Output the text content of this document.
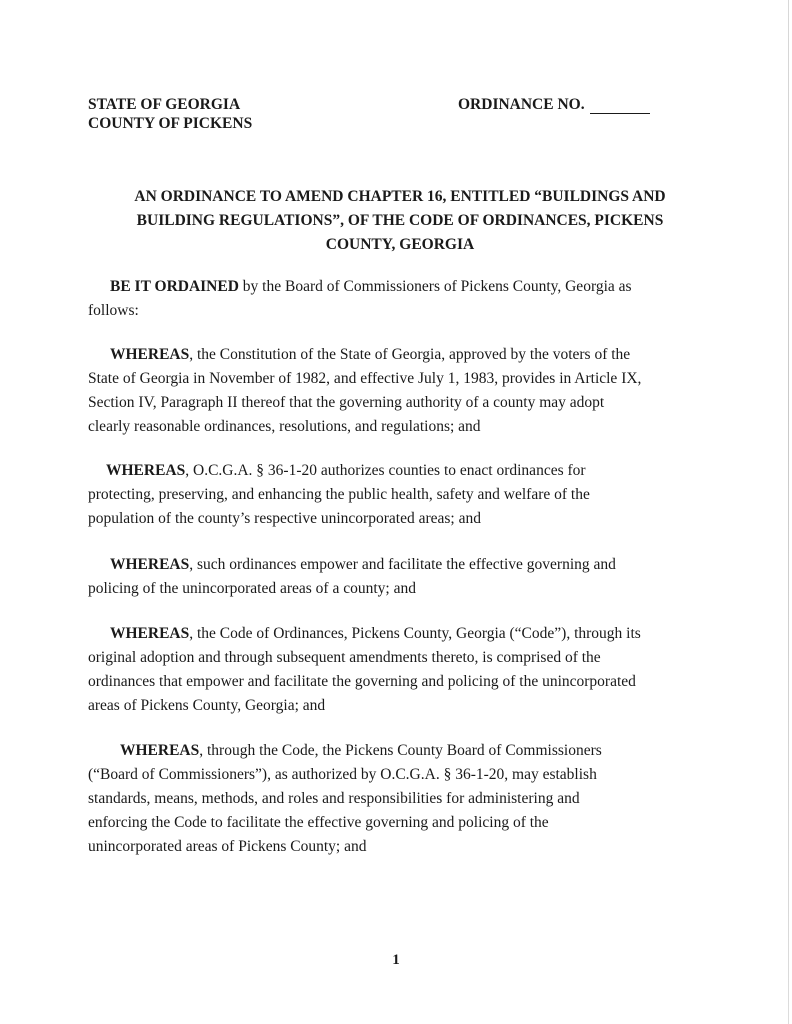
STATE OF GEORGIA
COUNTY OF PICKENS
ORDINANCE NO.
AN ORDINANCE TO AMEND CHAPTER 16, ENTITLED “BUILDINGS AND
BUILDING REGULATIONS”, OF THE CODE OF ORDINANCES, PICKENS
COUNTY, GEORGIA
BE IT ORDAINED by the Board of Commissioners of Pickens County, Georgia as
follows:
WHEREAS, the Constitution of the State of Georgia, approved by the voters of the
State of Georgia in November of 1982, and effective July 1, 1983, provides in Article IX,
Section IV, Paragraph II thereof that the governing authority of a county may adopt
clearly reasonable ordinances, resolutions, and regulations; and
WHEREAS, O.C.G.A. § 36-1-20 authorizes counties to enact ordinances for
protecting, preserving, and enhancing the public health, safety and welfare of the
population of the county’s respective unincorporated areas; and
WHEREAS, such ordinances empower and facilitate the effective governing and
policing of the unincorporated areas of a county; and
WHEREAS, the Code of Ordinances, Pickens County, Georgia (“Code”), through its
original adoption and through subsequent amendments thereto, is comprised of the
ordinances that empower and facilitate the governing and policing of the unincorporated
areas of Pickens County, Georgia; and
WHEREAS, through the Code, the Pickens County Board of Commissioners
(“Board of Commissioners”), as authorized by O.C.G.A. § 36-1-20, may establish
standards, means, methods, and roles and responsibilities for administering and
enforcing the Code to facilitate the effective governing and policing of the
unincorporated areas of Pickens County; and
1
